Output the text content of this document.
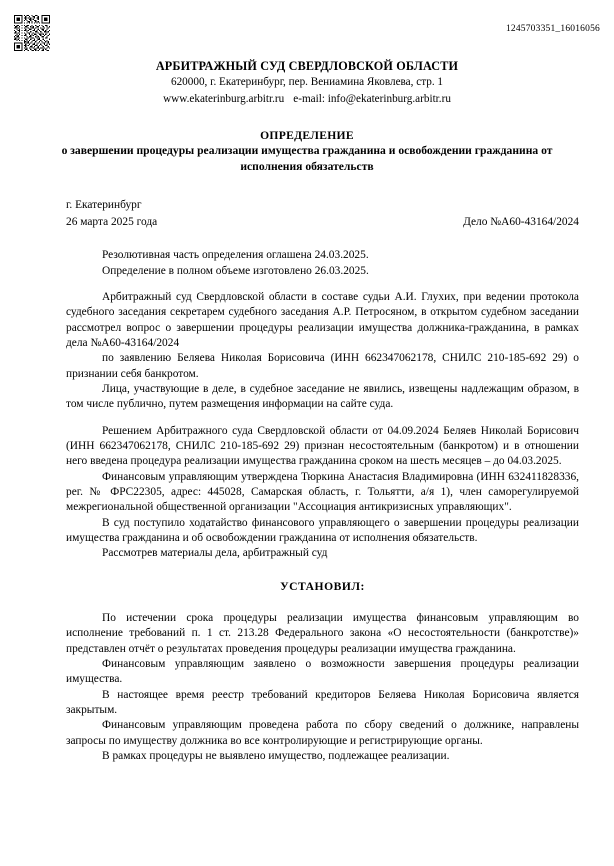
1245703351_16016056
АРБИТРАЖНЫЙ СУД СВЕРДЛОВСКОЙ ОБЛАСТИ
620000, г. Екатеринбург, пер. Вениамина Яковлева, стр. 1
www.ekaterinburg.arbitr.ru e-mail: info@ekaterinburg.arbitr.ru
ОПРЕДЕЛЕНИЕ
о завершении процедуры реализации имущества гражданина и освобождении гражданина от исполнения обязательств
г. Екатеринбург
26 марта 2025 года	Дело №А60-43164/2024

Резолютивная часть определения оглашена 24.03.2025.

Определение в полном объеме изготовлено 26.03.2025.

Арбитражный суд Свердловской области в составе судьи А.И. Глухих, при ведении протокола судебного заседания секретарем судебного заседания А.Р. Петросяном, в открытом судебном заседании рассмотрел вопрос о завершении процедуры реализации имущества должника-гражданина, в рамках дела №А60-43164/2024

по заявлению Беляева Николая Борисовича (ИНН 662347062178, СНИЛС 210-185-692 29) о признании себя банкротом.

Лица, участвующие в деле, в судебное заседание не явились, извещены надлежащим образом, в том числе публично, путем размещения информации на сайте суда.

Решением Арбитражного суда Свердловской области от 04.09.2024 Беляев Николай Борисович (ИНН 662347062178, СНИЛС 210-185-692 29) признан несостоятельным (банкротом) и в отношении него введена процедура реализации имущества гражданина сроком на шесть месяцев – до 04.03.2025.

Финансовым управляющим утверждена Тюркина Анастасия Владимировна (ИНН 632411828336, рег. № ФРС22305, адрес: 445028, Самарская область, г. Тольятти, а/я 1), член саморегулируемой межрегиональной общественной организации "Ассоциация антикризисных управляющих".

В суд поступило ходатайство финансового управляющего о завершении процедуры реализации имущества гражданина и об освобождении гражданина от исполнения обязательств.

Рассмотрев материалы дела, арбитражный суд

УСТАНОВИЛ:

По истечении срока процедуры реализации имущества финансовым управляющим во исполнение требований п. 1 ст. 213.28 Федерального закона «О несостоятельности (банкротстве)» представлен отчёт о результатах проведения процедуры реализации имущества гражданина.

Финансовым управляющим заявлено о возможности завершения процедуры реализации имущества.

В настоящее время реестр требований кредиторов Беляева Николая Борисовича является закрытым.

Финансовым управляющим проведена работа по сбору сведений о должнике, направлены запросы по имуществу должника во все контролирующие и регистрирующие органы.

В рамках процедуры не выявлено имущество, подлежащее реализации.
